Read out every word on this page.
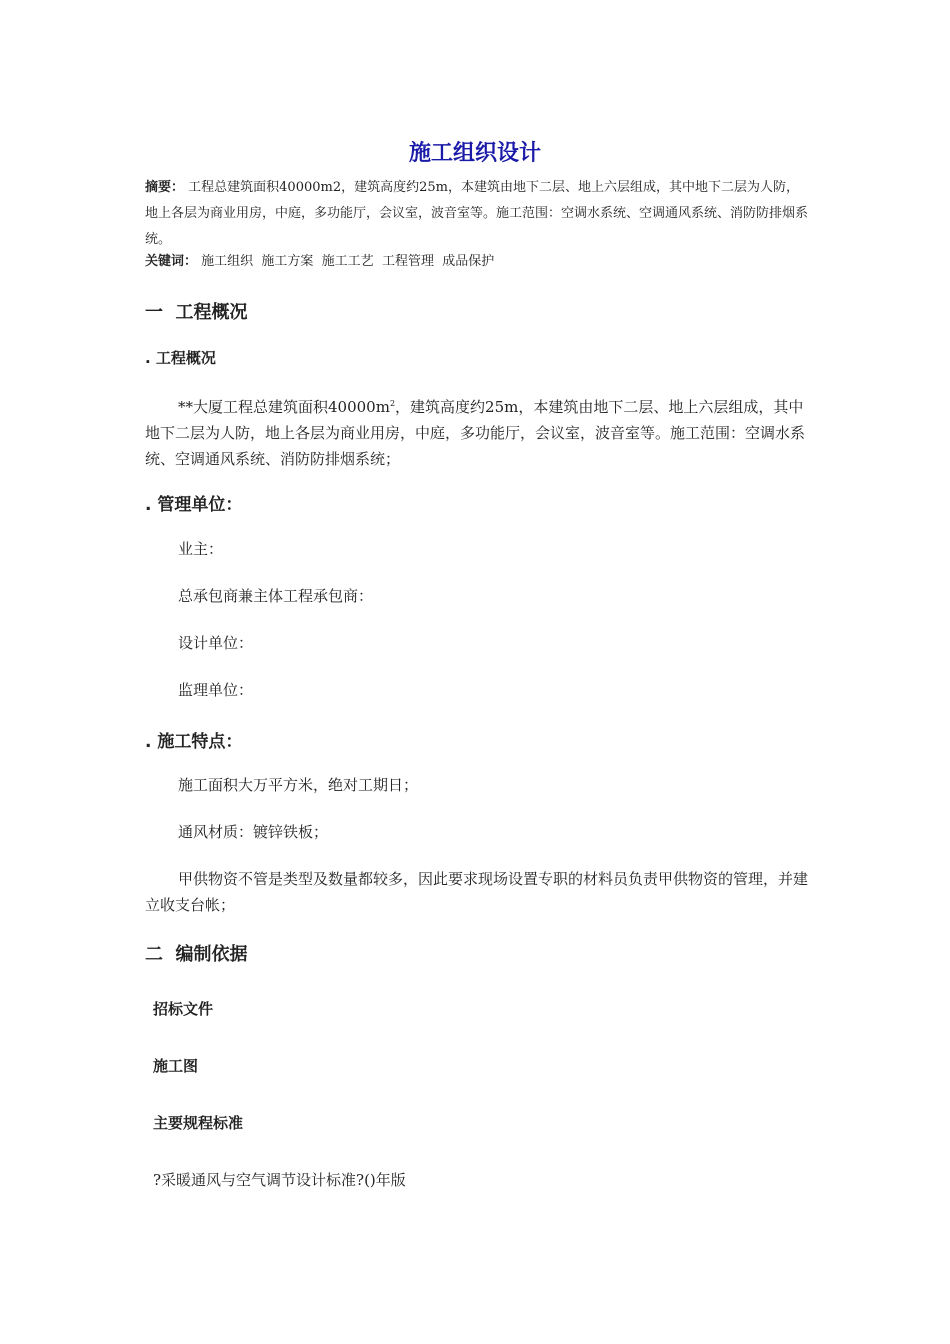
施工组织设计
摘要： 工程总建筑面积40000m2，建筑高度约25m，本建筑由地下二层、地上六层组成，其中地下二层为人防，地上各层为商业用房，中庭，多功能厅，会议室，波音室等。施工范围：空调水系统、空调通风系统、消防防排烟系统。
关键词： 施工组织  施工方案  施工工艺  工程管理  成品保护
一  工程概况
. 工程概况
**大厦工程总建筑面积$40000m^2$，建筑高度约25m，本建筑由地下二层、地上六层组成，其中地下二层为人防，地上各层为商业用房，中庭，多功能厅，会议室，波音室等。施工范围：空调水系统、空调通风系统、消防防排烟系统；
. 管理单位：
业主：
总承包商兼主体工程承包商：
设计单位：
监理单位：
. 施工特点：
施工面积大万平方米，绝对工期日；
通风材质：镀锌铁板；
甲供物资不管是类型及数量都较多，因此要求现场设置专职的材料员负责甲供物资的管理，并建立收支台帐；
二  编制依据
招标文件
施工图
主要规程标准
?采暖通风与空气调节设计标准?()年版
